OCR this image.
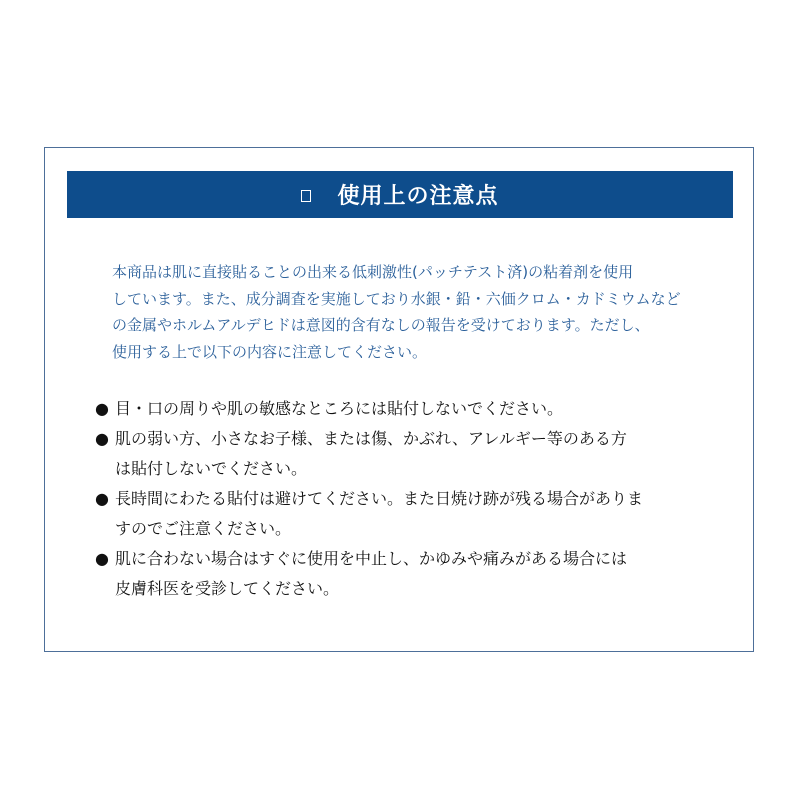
使用上の注意点
本商品は肌に直接貼ることの出来る低刺激性(パッチテスト済)の粘着剤を使用
しています。また、成分調査を実施しており水銀・鉛・六価クロム・カドミウムなど
の金属やホルムアルデヒドは意図的含有なしの報告を受けております。ただし、
使用する上で以下の内容に注意してください。
● 目・口の周りや肌の敏感なところには貼付しないでください。
● 肌の弱い方、小さなお子様、または傷、かぶれ、アレルギー等のある方
は貼付しないでください。
● 長時間にわたる貼付は避けてください。また日焼け跡が残る場合がありま
すのでご注意ください。
● 肌に合わない場合はすぐに使用を中止し、かゆみや痛みがある場合には
皮膚科医を受診してください。
